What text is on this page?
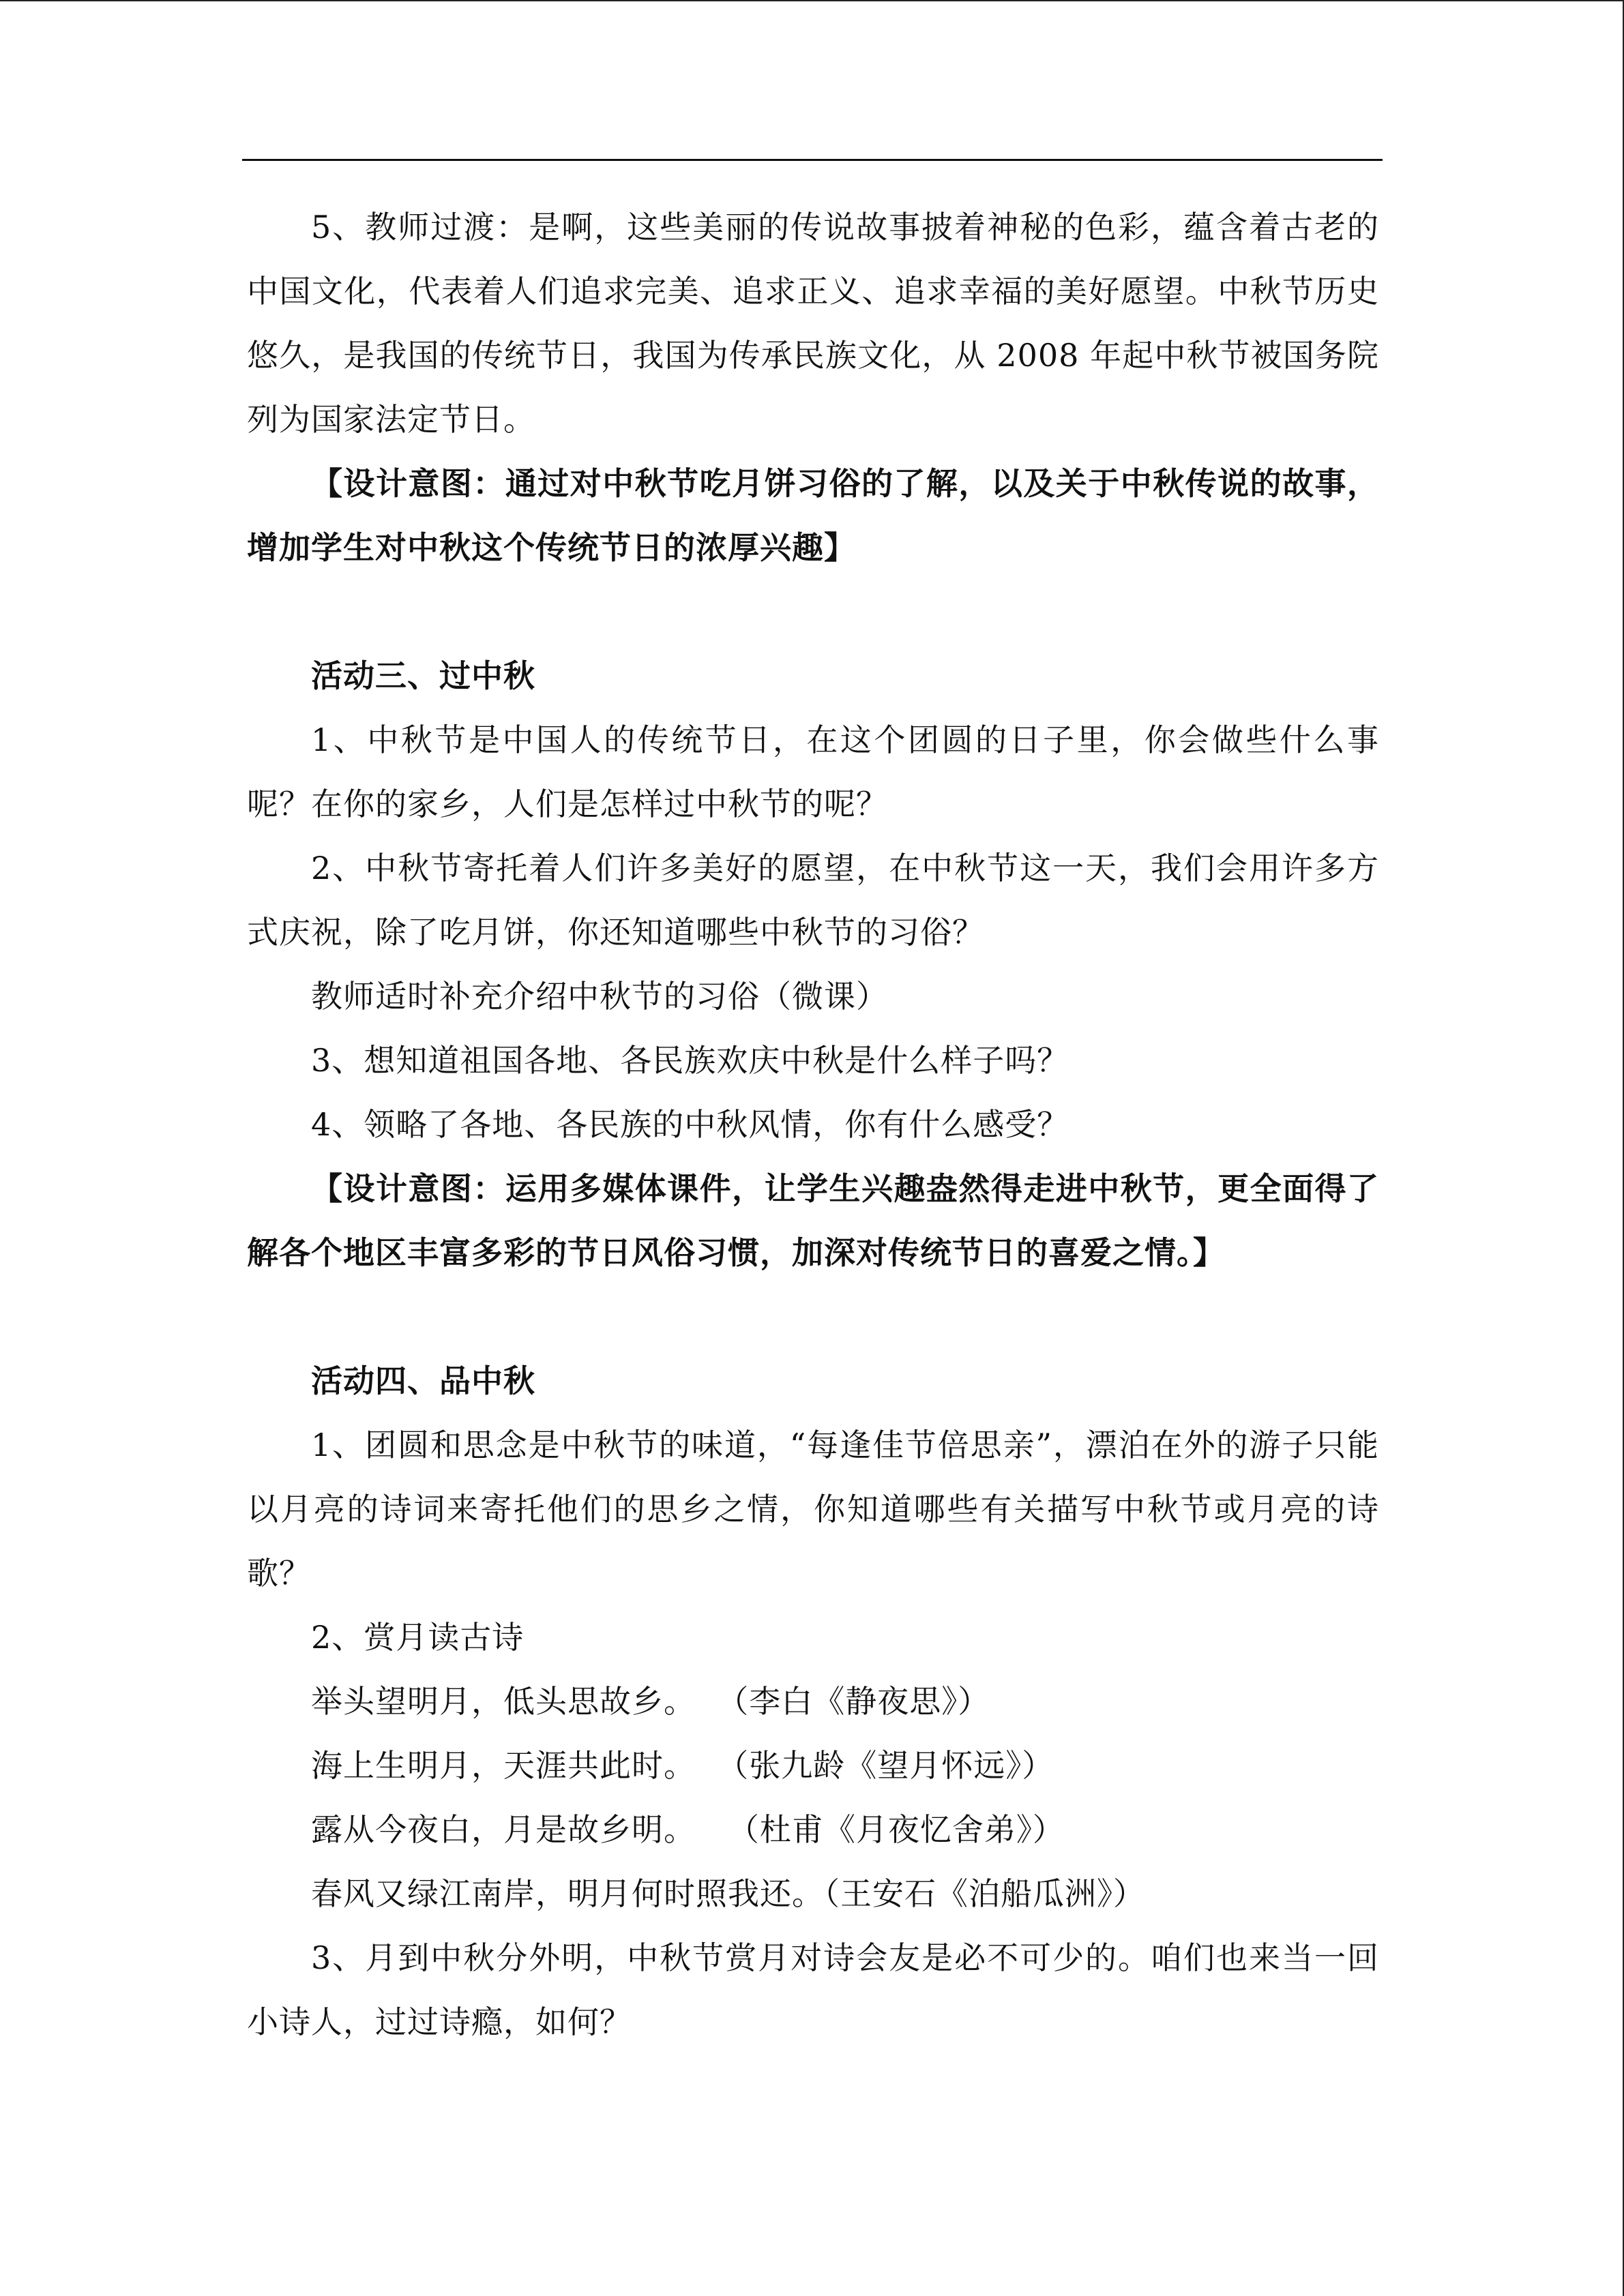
5、教师过渡：是啊，这些美丽的传说故事披着神秘的色彩，蕴含着古老的中国文化，代表着人们追求完美、追求正义、追求幸福的美好愿望。中秋节历史悠久，是我国的传统节日，我国为传承民族文化，从 2008 年起中秋节被国务院列为国家法定节日。

【设计意图：通过对中秋节吃月饼习俗的了解，以及关于中秋传说的故事，增加学生对中秋这个传统节日的浓厚兴趣】

活动三、过中秋

1、中秋节是中国人的传统节日，在这个团圆的日子里，你会做些什么事呢？在你的家乡，人们是怎样过中秋节的呢？

2、中秋节寄托着人们许多美好的愿望，在中秋节这一天，我们会用许多方式庆祝，除了吃月饼，你还知道哪些中秋节的习俗？

教师适时补充介绍中秋节的习俗（微课）

3、想知道祖国各地、各民族欢庆中秋是什么样子吗？

4、领略了各地、各民族的中秋风情，你有什么感受？

【设计意图：运用多媒体课件，让学生兴趣盎然得走进中秋节，更全面得了解各个地区丰富多彩的节日风俗习惯，加深对传统节日的喜爱之情。】

活动四、品中秋

1、团圆和思念是中秋节的味道，“每逢佳节倍思亲”，漂泊在外的游子只能以月亮的诗词来寄托他们的思乡之情，你知道哪些有关描写中秋节或月亮的诗歌？

2、赏月读古诗

举头望明月，低头思故乡。  （李白《静夜思》）

海上生明月，天涯共此时。  （张九龄《望月怀远》）

露从今夜白，月是故乡明。   （杜甫《月夜忆舍弟》）

春风又绿江南岸，明月何时照我还。（王安石《泊船瓜洲》）

3、月到中秋分外明，中秋节赏月对诗会友是必不可少的。咱们也来当一回小诗人，过过诗瘾，如何？
